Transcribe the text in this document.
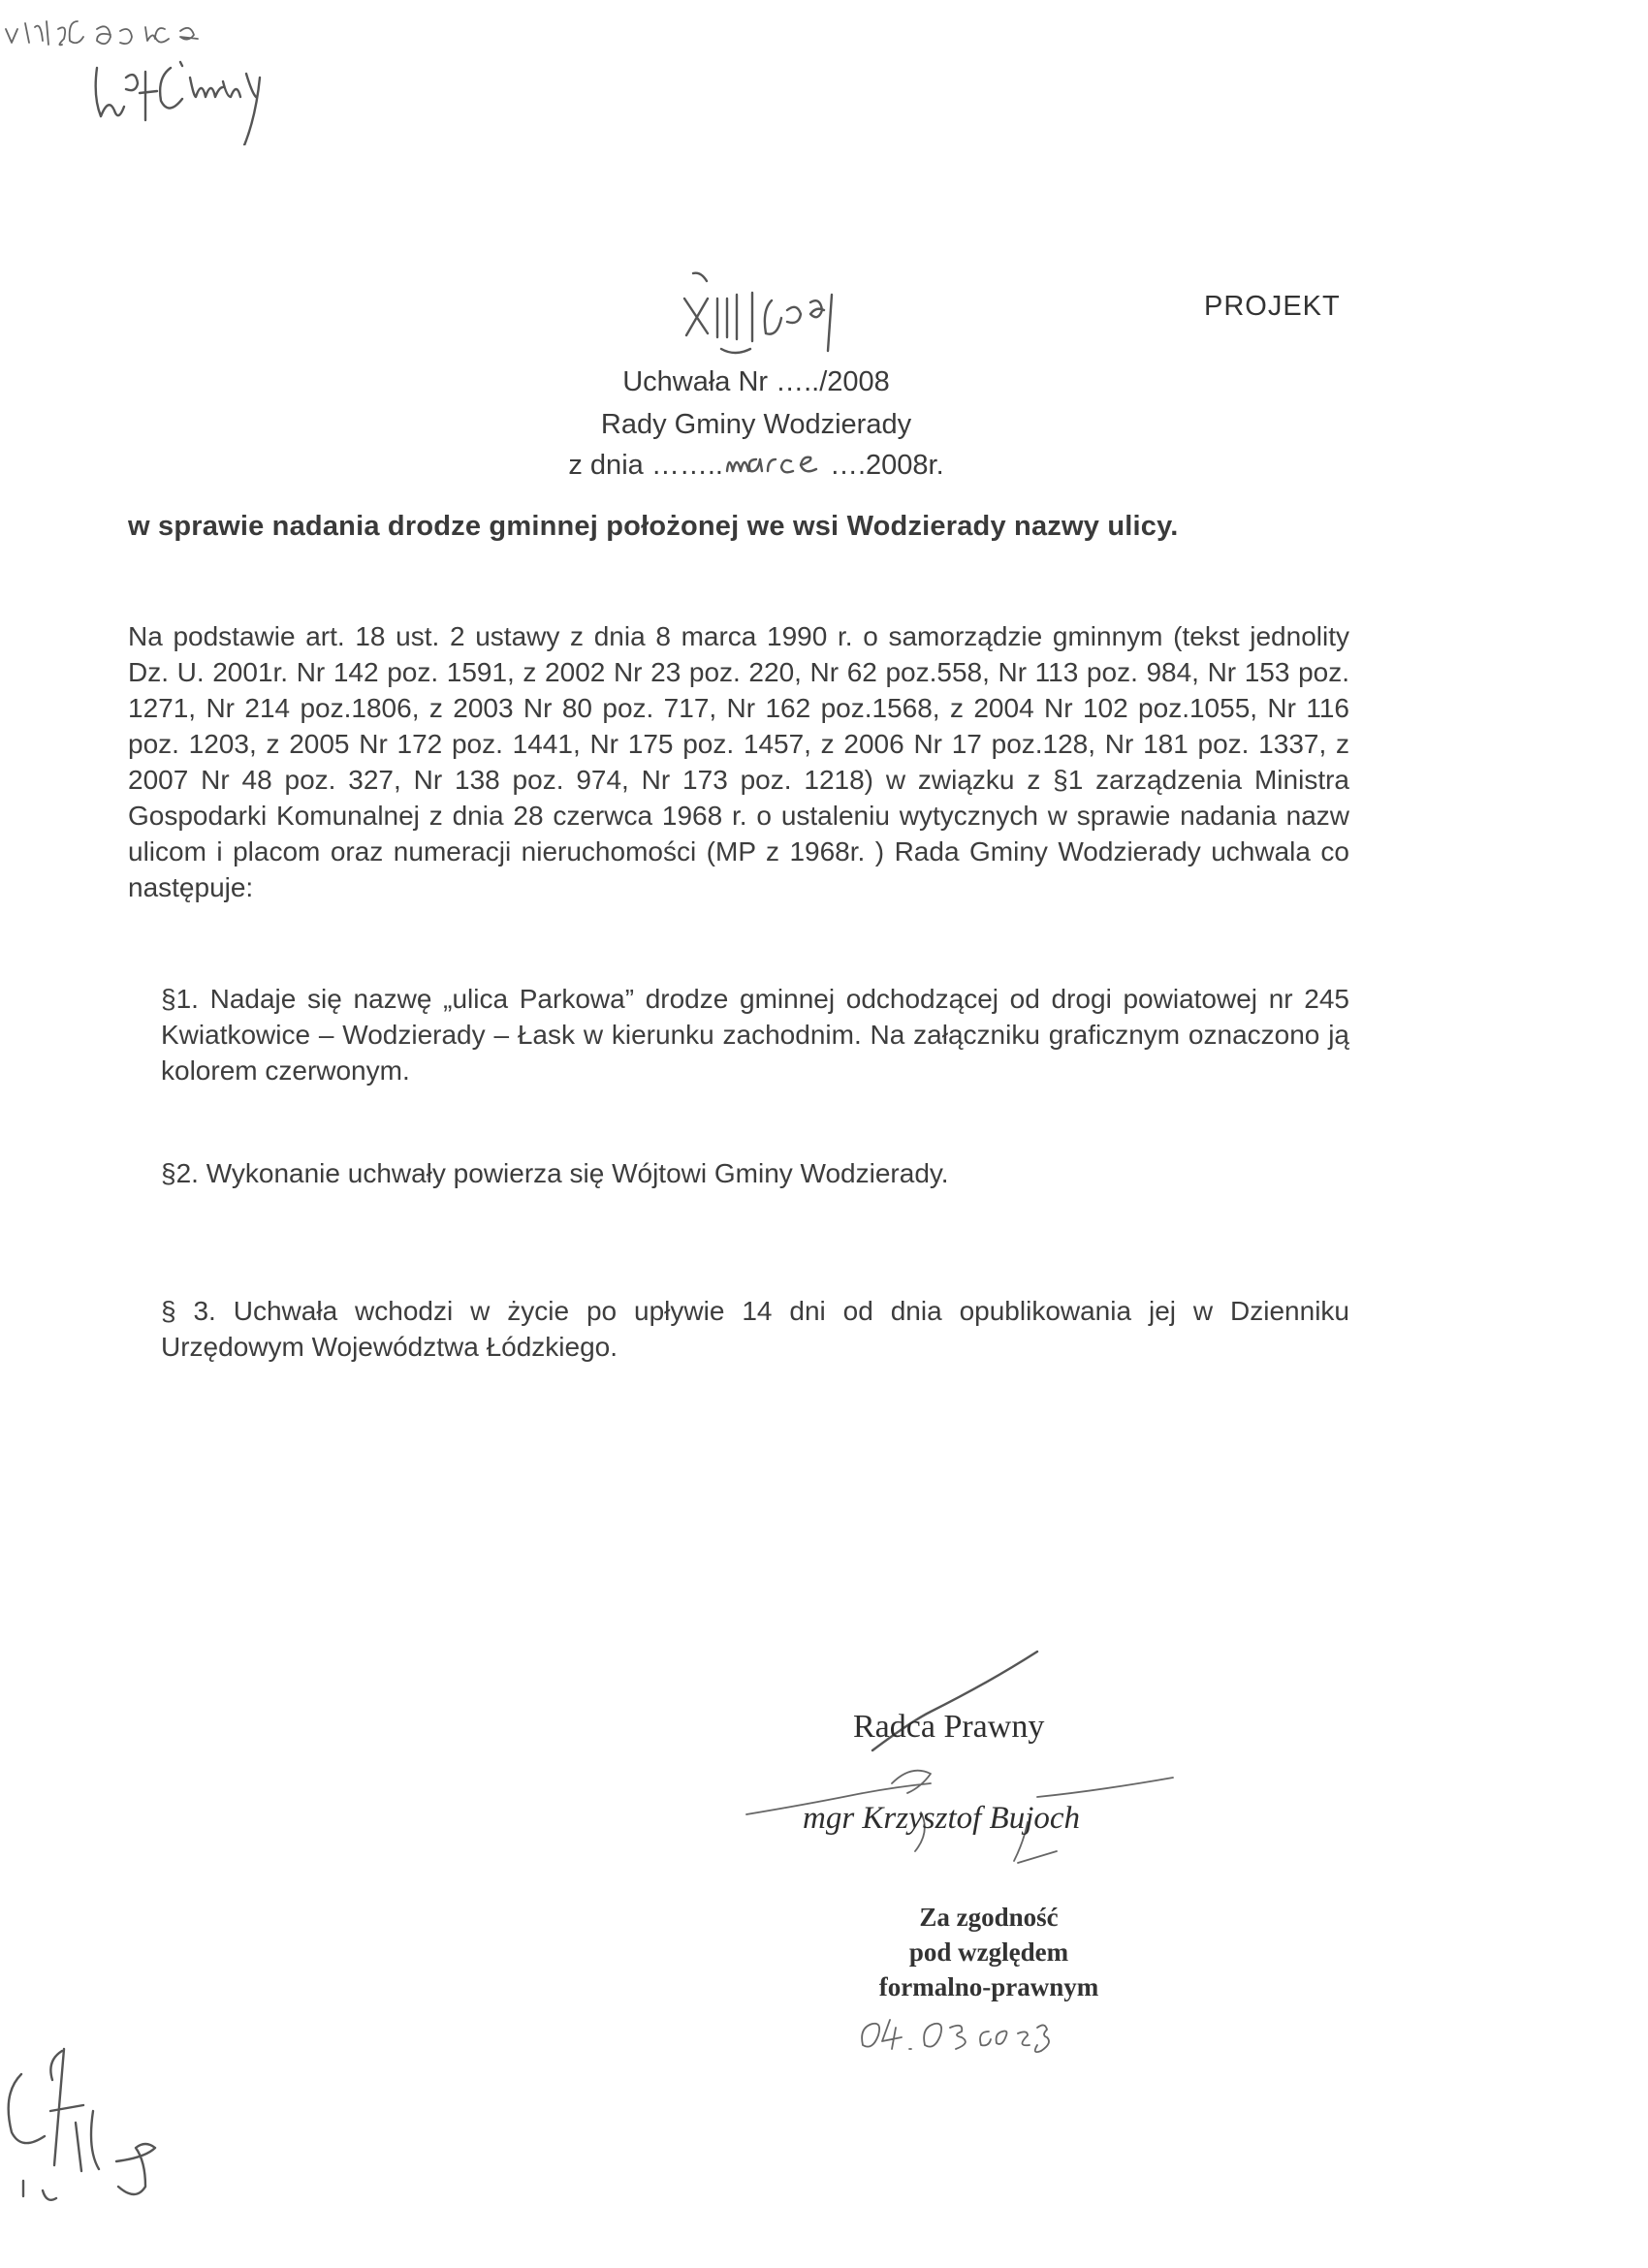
PROJEKT
Uchwała Nr …../2008
Rady Gminy Wodzierady
z dnia ……..	….2008r.
w sprawie nadania drodze gminnej położonej we wsi Wodzierady nazwy ulicy.
Na podstawie art. 18 ust. 2 ustawy z dnia 8 marca 1990 r. o samorządzie gminnym (tekst jednolity Dz. U. 2001r. Nr 142 poz. 1591, z 2002 Nr 23 poz. 220, Nr 62 poz.558, Nr 113 poz. 984, Nr 153 poz. 1271, Nr 214 poz.1806, z 2003 Nr 80 poz. 717, Nr 162 poz.1568, z 2004 Nr 102 poz.1055, Nr 116 poz. 1203, z 2005 Nr 172 poz. 1441, Nr 175 poz. 1457, z 2006 Nr 17 poz.128, Nr 181 poz. 1337, z 2007 Nr 48 poz. 327, Nr 138 poz. 974, Nr 173 poz. 1218) w związku z §1 zarządzenia Ministra Gospodarki Komunalnej z dnia 28 czerwca 1968 r. o ustaleniu wytycznych w sprawie nadania nazw ulicom i placom oraz numeracji nieruchomości (MP z 1968r. ) Rada Gminy Wodzierady uchwala co następuje:
§1. Nadaje się nazwę „ulica Parkowa” drodze gminnej odchodzącej od drogi powiatowej nr 245 Kwiatkowice – Wodzierady – Łask w kierunku zachodnim. Na załączniku graficznym oznaczono ją kolorem czerwonym.
§2. Wykonanie uchwały powierza się Wójtowi Gminy Wodzierady.
§ 3. Uchwała wchodzi w życie po upływie 14 dni od dnia opublikowania jej w Dzienniku Urzędowym Województwa Łódzkiego.
Radca Prawny
mgr Krzysztof Bujoch
Za zgodność
pod względem
formalno-prawnym
